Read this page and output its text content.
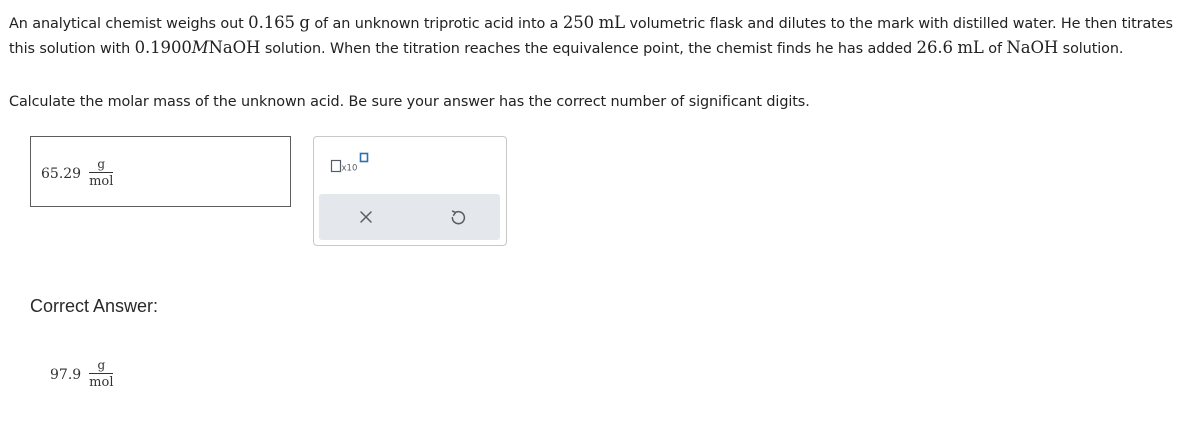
An analytical chemist weighs out 0.165 g of an unknown triprotic acid into a 250 mL volumetric flask and dilutes to the mark with distilled water. He then titrates this solution with 0.1900MNaOH solution. When the titration reaches the equivalence point, the chemist finds he has added 26.6 mL of NaOH solution.
Calculate the molar mass of the unknown acid. Be sure your answer has the correct number of significant digits.
$65.29 \frac{g}{\text{mol}}$	x10
Correct Answer:
$97.9 \frac{g}{\text{mol}}$
